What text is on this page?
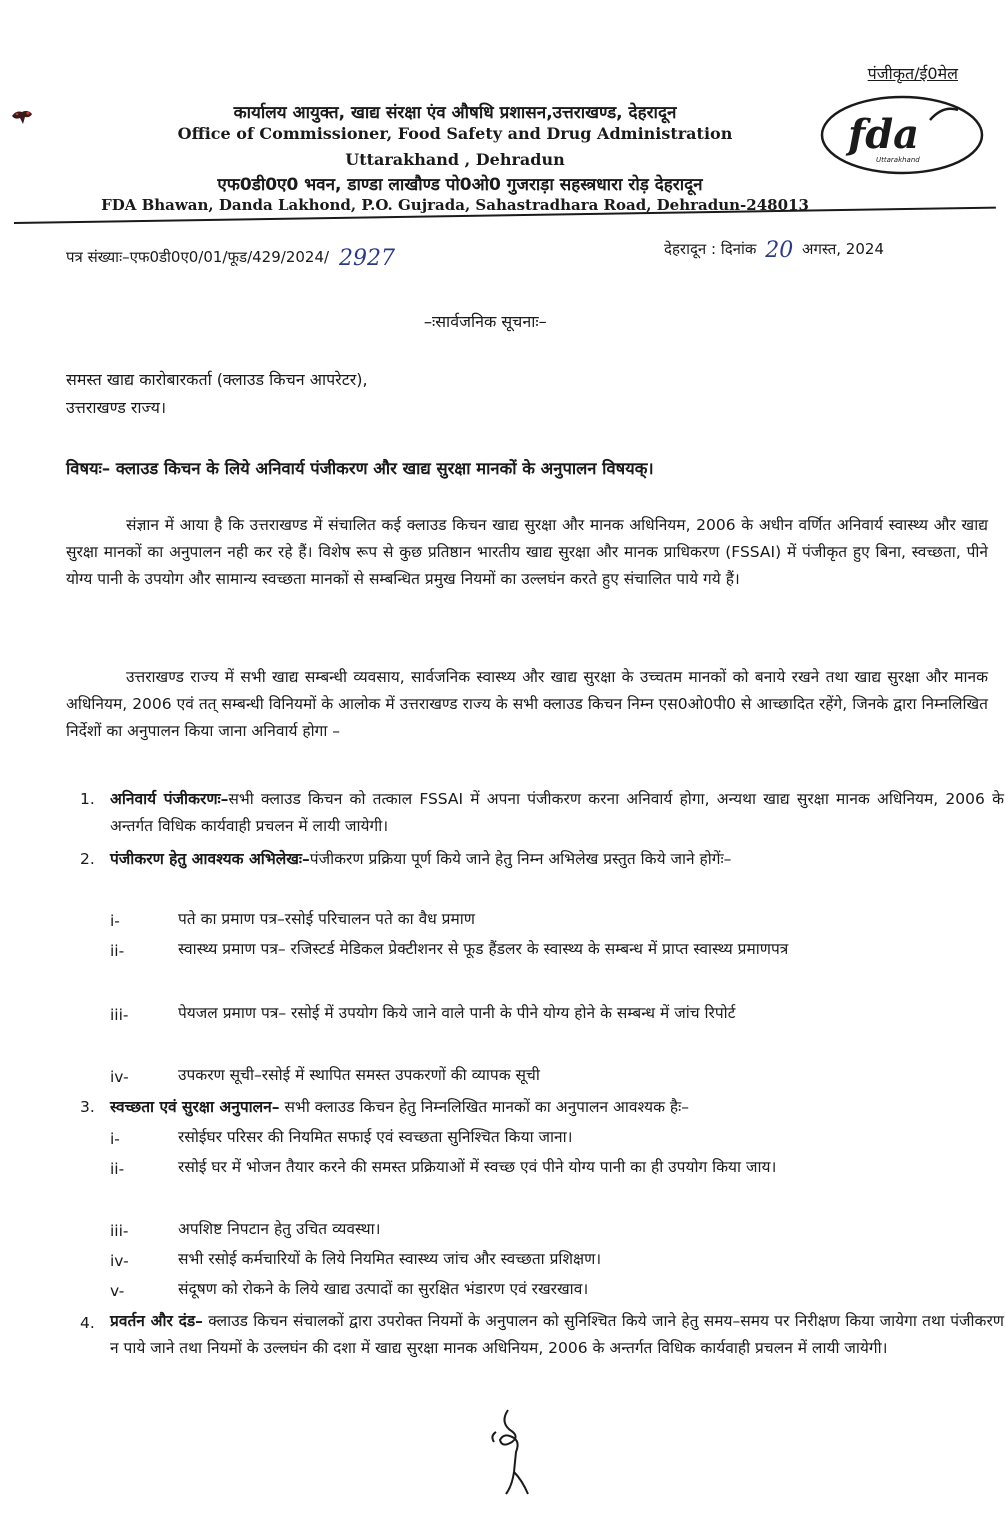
पंजीकृत/ई0मेल
fda
Uttarakhand
कार्यालय आयुक्त, खाद्य संरक्षा एंव औषधि प्रशासन,उत्तराखण्ड, देहरादून
Office of Commissioner, Food Safety and Drug Administration
Uttarakhand , Dehradun
एफ0डी0ए0 भवन, डाण्डा लाखौण्ड पो0ओ0 गुजराड़ा सहस्त्रधारा रोड़ देहरादून
FDA Bhawan, Danda Lakhond, P.O. Gujrada, Sahastradhara Road, Dehradun-248013
पत्र संख्याः–एफ0डी0ए0/01/फूड/429/2024/ 2927	देहरादून : दिनांक 20 अगस्त, 2024
–ःसार्वजनिक सूचनाः–
समस्त खाद्य कारोबारकर्ता (क्लाउड किचन आपरेटर),
उत्तराखण्ड राज्य।
विषयः– क्लाउड किचन के लिये अनिवार्य पंजीकरण और खाद्य सुरक्षा मानकों के अनुपालन विषयक्।
संज्ञान में आया है कि उत्तराखण्ड में संचालित कई क्लाउड किचन खाद्य सुरक्षा और मानक अधिनियम, 2006 के अधीन वर्णित अनिवार्य स्वास्थ्य और खाद्य सुरक्षा मानकों का अनुपालन नही कर रहे हैं। विशेष रूप से कुछ प्रतिष्ठान भारतीय खाद्य सुरक्षा और मानक प्राधिकरण (FSSAI) में पंजीकृत हुए बिना, स्वच्छता, पीने योग्य पानी के उपयोग और सामान्य स्वच्छता मानकों से सम्बन्धित प्रमुख नियमों का उल्लघंन करते हुए संचालित पाये गये हैं।
उत्तराखण्ड राज्य में सभी खाद्य सम्बन्धी व्यवसाय, सार्वजनिक स्वास्थ्य और खाद्य सुरक्षा के उच्चतम मानकों को बनाये रखने तथा खाद्य सुरक्षा और मानक अधिनियम, 2006 एवं तत् सम्बन्धी विनियमों के आलोक में उत्तराखण्ड राज्य के सभी क्लाउड किचन निम्न एस0ओ0पी0 से आच्छादित रहेंगे, जिनके द्वारा निम्नलिखित निर्देशों का अनुपालन किया जाना अनिवार्य होगा –
1. अनिवार्य पंजीकरणः–सभी क्लाउड किचन को तत्काल FSSAI में अपना पंजीकरण करना अनिवार्य होगा, अन्यथा खाद्य सुरक्षा मानक अधिनियम, 2006 के अन्तर्गत विधिक कार्यवाही प्रचलन में लायी जायेगी।
2. पंजीकरण हेतु आवश्यक अभिलेखः–पंजीकरण प्रक्रिया पूर्ण किये जाने हेतु निम्न अभिलेख प्रस्तुत किये जाने होगेंः–
i-	पते का प्रमाण पत्र–रसोई परिचालन पते का वैध प्रमाण
ii-	स्वास्थ्य प्रमाण पत्र– रजिस्टर्ड मेडिकल प्रेक्टीशनर से फूड हैंडलर के स्वास्थ्य के सम्बन्ध में प्राप्त स्वास्थ्य प्रमाणपत्र
iii-	पेयजल प्रमाण पत्र– रसोई में उपयोग किये जाने वाले पानी के पीने योग्य होने के सम्बन्ध में जांच रिपोर्ट
iv-	उपकरण सूची–रसोई में स्थापित समस्त उपकरणों की व्यापक सूची
3. स्वच्छता एवं सुरक्षा अनुपालन– सभी क्लाउड किचन हेतु निम्नलिखित मानकों का अनुपालन आवश्यक हैः–
i-	रसोईघर परिसर की नियमित सफाई एवं स्वच्छता सुनिश्चित किया जाना।
ii-	रसोई घर में भोजन तैयार करने की समस्त प्रक्रियाओं में स्वच्छ एवं पीने योग्य पानी का ही उपयोग किया जाय।
iii-	अपशिष्ट निपटान हेतु उचित व्यवस्था।
iv-	सभी रसोई कर्मचारियों के लिये नियमित स्वास्थ्य जांच और स्वच्छता प्रशिक्षण।
v-	संदूषण को रोकने के लिये खाद्य उत्पादों का सुरक्षित भंडारण एवं रखरखाव।
4. प्रवर्तन और दंड– क्लाउड किचन संचालकों द्वारा उपरोक्त नियमों के अनुपालन को सुनिश्चित किये जाने हेतु समय–समय पर निरीक्षण किया जायेगा तथा पंजीकरण न पाये जाने तथा नियमों के उल्लघंन की दशा में खाद्य सुरक्षा मानक अधिनियम, 2006 के अन्तर्गत विधिक कार्यवाही प्रचलन में लायी जायेगी।
